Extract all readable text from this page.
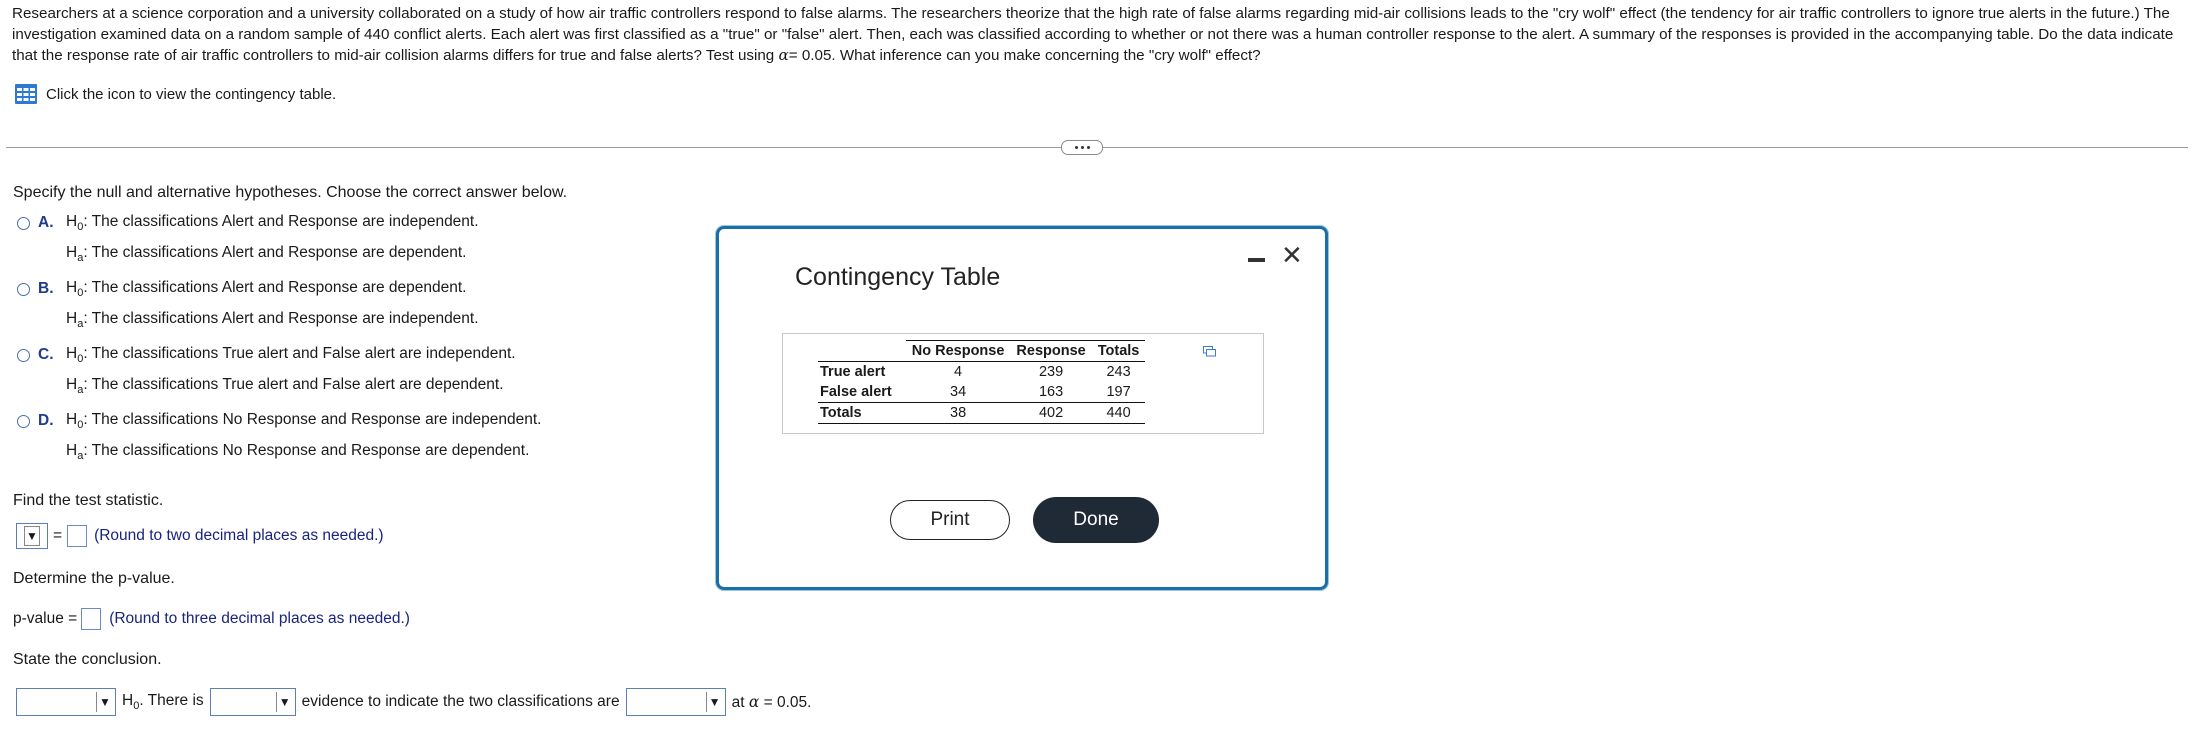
Researchers at a science corporation and a university collaborated on a study of how air traffic controllers respond to false alarms. The researchers theorize that the high rate of false alarms regarding mid-air collisions leads to the "cry wolf" effect (the tendency for air traffic controllers to ignore true alerts in the future.) The investigation examined data on a random sample of 440 conflict alerts. Each alert was first classified as a "true" or "false" alert. Then, each was classified according to whether or not there was a human controller response to the alert. A summary of the responses is provided in the accompanying table. Do the data indicate that the response rate of air traffic controllers to mid-air collision alarms differs for true and false alerts? Test using α= 0.05. What inference can you make concerning the "cry wolf" effect?
Click the icon to view the contingency table.
Specify the null and alternative hypotheses. Choose the correct answer below.
A. $H_0$: The classifications Alert and Response are independent.
$H_a$: The classifications Alert and Response are dependent.
B. $H_0$: The classifications Alert and Response are dependent.
$H_a$: The classifications Alert and Response are independent.
C. $H_0$: The classifications True alert and False alert are independent.
$H_a$: The classifications True alert and False alert are dependent.
D. $H_0$: The classifications No Response and Response are independent.
$H_a$: The classifications No Response and Response are dependent.
Find the test statistic.
▼ = (Round to two decimal places as needed.)
Determine the p-value.
p-value = (Round to three decimal places as needed.)
State the conclusion.
▼ $H_0$. There is	▼ evidence to indicate the two classifications are	▼ at α = 0.05.
Contingency Table
✕
	No Response	Response	Totals
True alert	4	239	243
False alert	34	163	197
Totals	38	402	440
Print	Done
